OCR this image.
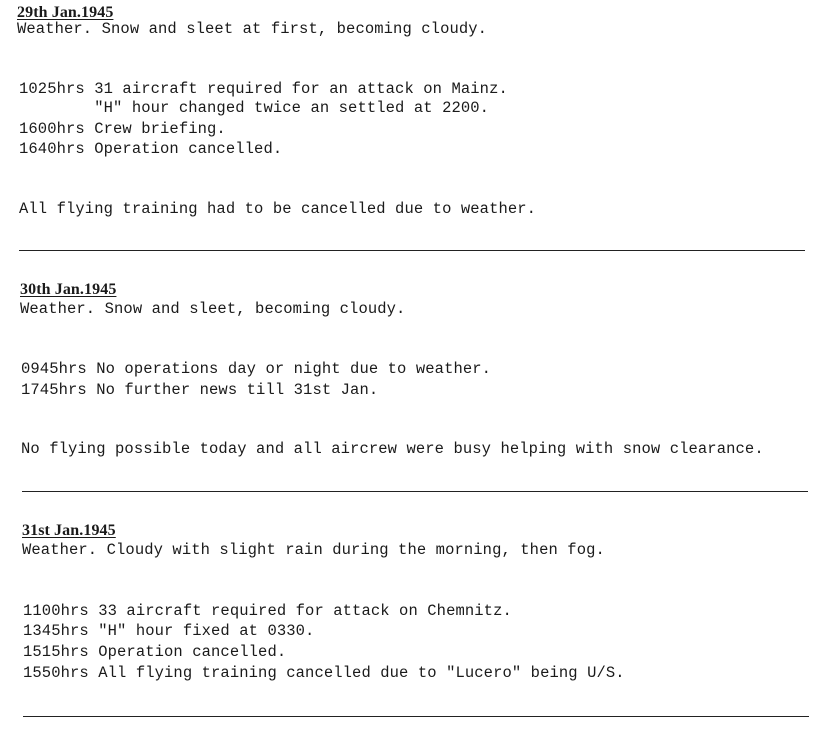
29th Jan.1945
Weather. Snow and sleet at first, becoming cloudy.
1025hrs 31 aircraft required for an attack on Mainz.
"H" hour changed twice an settled at 2200.
1600hrs Crew briefing.
1640hrs Operation cancelled.
All flying training had to be cancelled due to weather.
30th Jan.1945
Weather. Snow and sleet, becoming cloudy.
0945hrs No operations day or night due to weather.
1745hrs No further news till 31st Jan.
No flying possible today and all aircrew were busy helping with snow clearance.
31st Jan.1945
Weather. Cloudy with slight rain during the morning, then fog.
1100hrs 33 aircraft required for attack on Chemnitz.
1345hrs "H" hour fixed at 0330.
1515hrs Operation cancelled.
1550hrs All flying training cancelled due to "Lucero" being U/S.
